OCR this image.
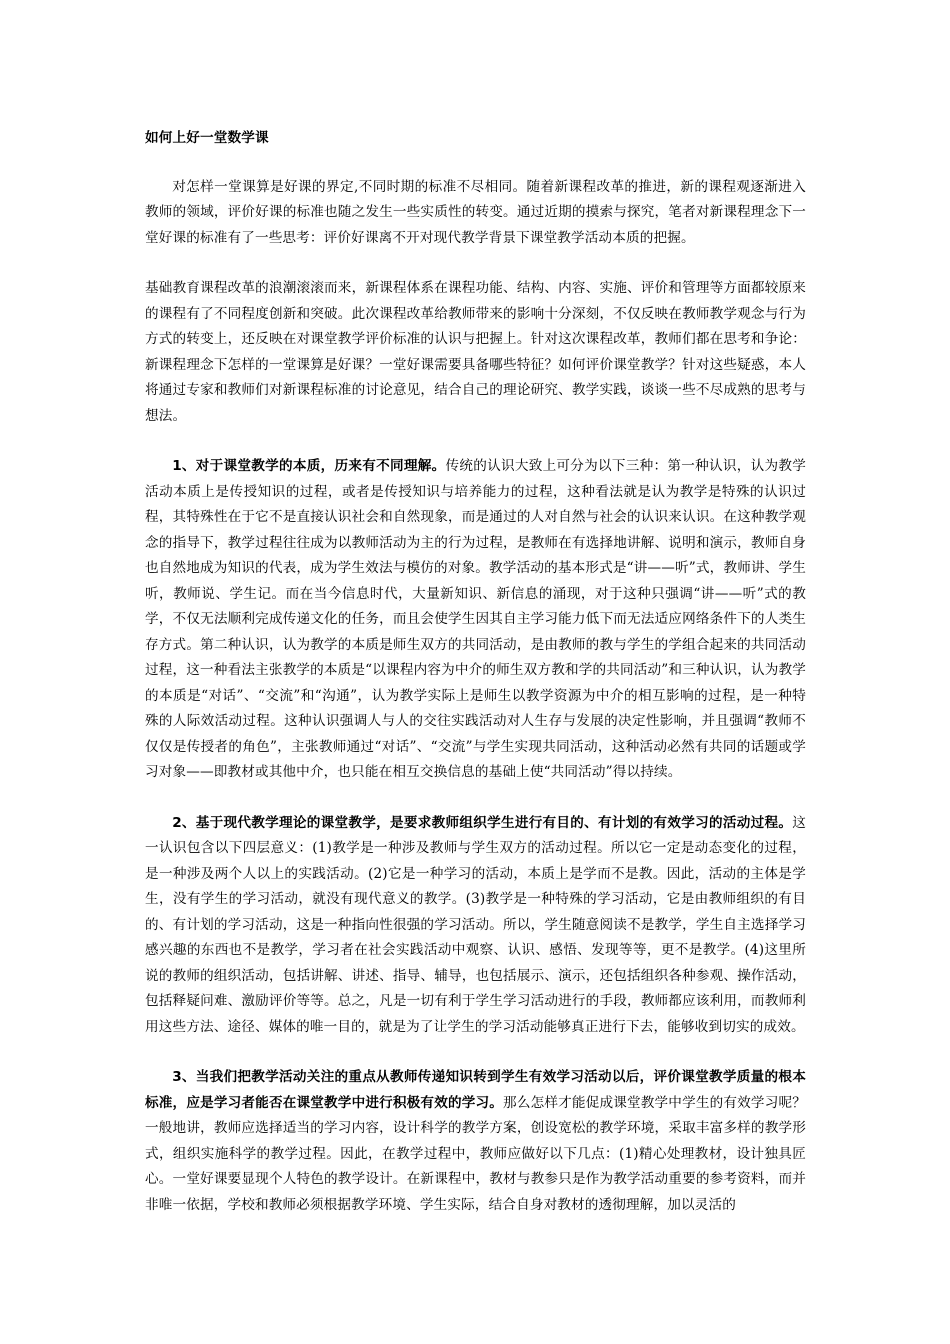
如何上好一堂数学课

对怎样一堂课算是好课的界定,不同时期的标准不尽相同。随着新课程改革的推进，新的课程观逐渐进入教师的领域，评价好课的标准也随之发生一些实质性的转变。通过近期的摸索与探究，笔者对新课程理念下一堂好课的标准有了一些思考：评价好课离不开对现代教学背景下课堂教学活动本质的把握。

基础教育课程改革的浪潮滚滚而来，新课程体系在课程功能、结构、内容、实施、评价和管理等方面都较原来的课程有了不同程度创新和突破。此次课程改革给教师带来的影响十分深刻，不仅反映在教师教学观念与行为方式的转变上，还反映在对课堂教学评价标准的认识与把握上。针对这次课程改革，教师们都在思考和争论：新课程理念下怎样的一堂课算是好课？一堂好课需要具备哪些特征？如何评价课堂教学？针对这些疑惑，本人将通过专家和教师们对新课程标准的讨论意见，结合自己的理论研究、教学实践，谈谈一些不尽成熟的思考与想法。

1、对于课堂教学的本质，历来有不同理解。传统的认识大致上可分为以下三种：第一种认识，认为教学活动本质上是传授知识的过程，或者是传授知识与培养能力的过程，这种看法就是认为教学是特殊的认识过程，其特殊性在于它不是直接认识社会和自然现象，而是通过的人对自然与社会的认识来认识。在这种教学观念的指导下，教学过程往往成为以教师活动为主的行为过程，是教师在有选择地讲解、说明和演示，教师自身也自然地成为知识的代表，成为学生效法与模仿的对象。教学活动的基本形式是“讲——听”式，教师讲、学生听，教师说、学生记。而在当今信息时代，大量新知识、新信息的涌现，对于这种只强调“讲——听”式的教学，不仅无法顺利完成传递文化的任务，而且会使学生因其自主学习能力低下而无法适应网络条件下的人类生存方式。第二种认识，认为教学的本质是师生双方的共同活动，是由教师的教与学生的学组合起来的共同活动过程，这一种看法主张教学的本质是“以课程内容为中介的师生双方教和学的共同活动”和三种认识，认为教学的本质是“对话”、“交流”和“沟通”，认为教学实际上是师生以教学资源为中介的相互影响的过程，是一种特殊的人际效活动过程。这种认识强调人与人的交往实践活动对人生存与发展的决定性影响，并且强调“教师不仅仅是传授者的角色”，主张教师通过“对话”、“交流”与学生实现共同活动，这种活动必然有共同的话题或学习对象——即教材或其他中介，也只能在相互交换信息的基础上使“共同活动”得以持续。

2、基于现代教学理论的课堂教学，是要求教师组织学生进行有目的、有计划的有效学习的活动过程。这一认识包含以下四层意义：(1)教学是一种涉及教师与学生双方的活动过程。所以它一定是动态变化的过程，是一种涉及两个人以上的实践活动。(2)它是一种学习的活动，本质上是学而不是教。因此，活动的主体是学生，没有学生的学习活动，就没有现代意义的教学。(3)教学是一种特殊的学习活动，它是由教师组织的有目的、有计划的学习活动，这是一种指向性很强的学习活动。所以，学生随意阅读不是教学，学生自主选择学习感兴趣的东西也不是教学，学习者在社会实践活动中观察、认识、感悟、发现等等，更不是教学。(4)这里所说的教师的组织活动，包括讲解、讲述、指导、辅导，也包括展示、演示，还包括组织各种参观、操作活动，包括释疑问难、激励评价等等。总之，凡是一切有利于学生学习活动进行的手段，教师都应该利用，而教师利用这些方法、途径、媒体的唯一目的，就是为了让学生的学习活动能够真正进行下去，能够收到切实的成效。

3、当我们把教学活动关注的重点从教师传递知识转到学生有效学习活动以后，评价课堂教学质量的根本标准，应是学习者能否在课堂教学中进行积极有效的学习。那么怎样才能促成课堂教学中学生的有效学习呢？一般地讲，教师应选择适当的学习内容，设计科学的教学方案，创设宽松的教学环境，采取丰富多样的教学形式，组织实施科学的教学过程。因此，在教学过程中，教师应做好以下几点：(1)精心处理教材，设计独具匠心。一堂好课要显现个人特色的教学设计。在新课程中，教材与教参只是作为教学活动重要的参考资料，而并非唯一依据，学校和教师必须根据教学环境、学生实际，结合自身对教材的透彻理解，加以灵活的
